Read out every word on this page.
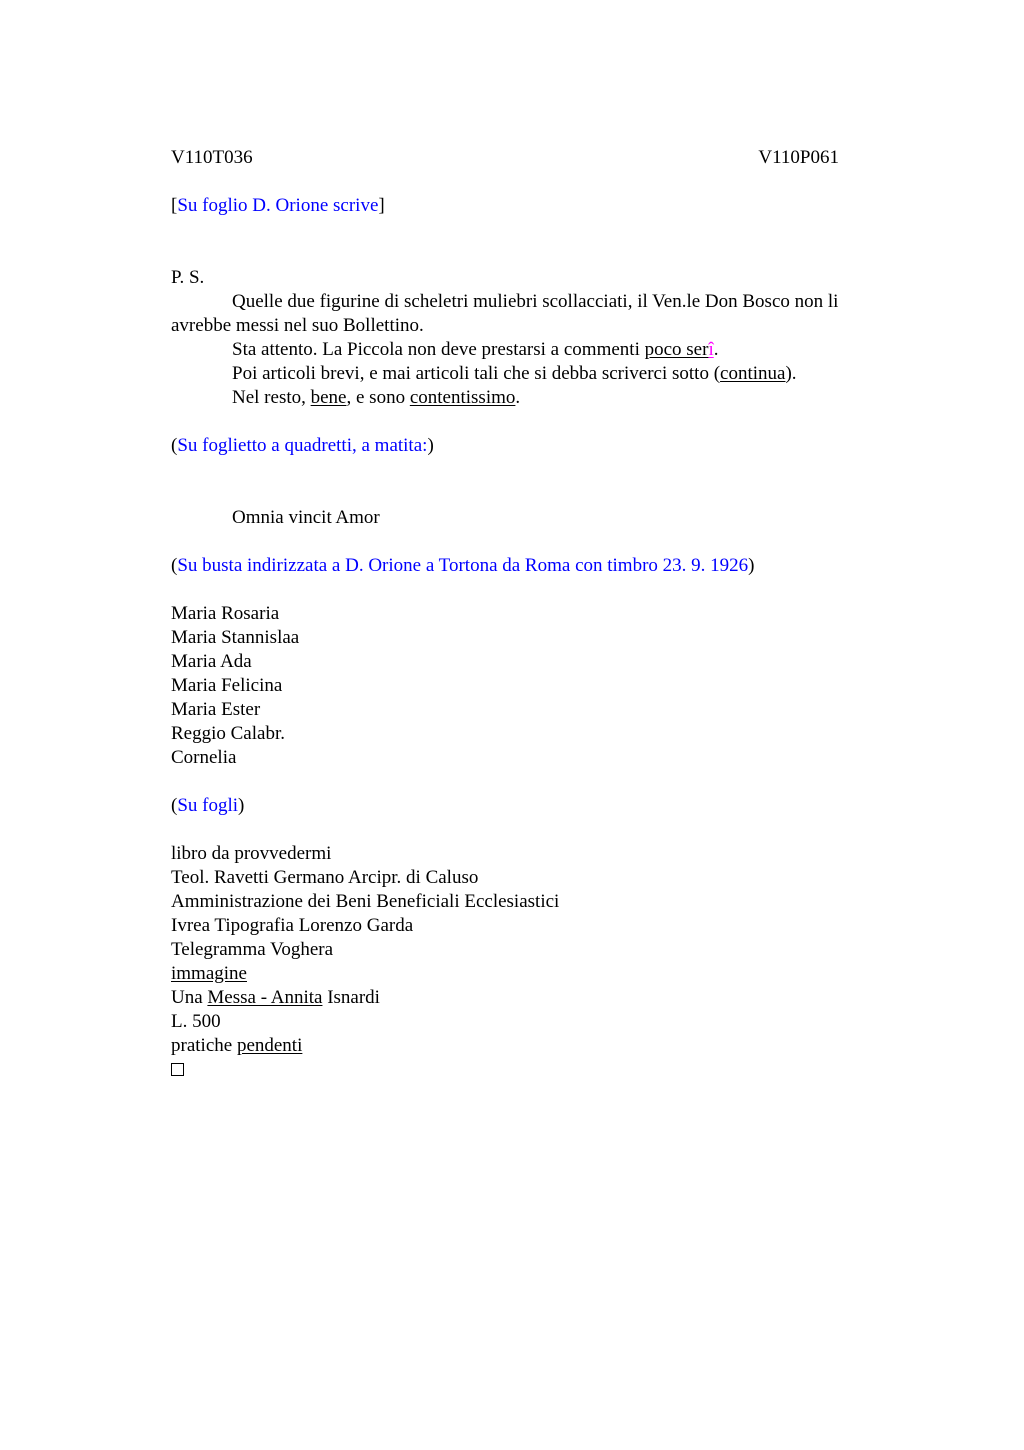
V110T036	V110P061

[Su foglio D. Orione scrive]

P. S.

Quelle due figurine di scheletri muliebri scollacciati, il Ven.le Don Bosco non li avrebbe messi nel suo Bollettino.

Sta attento. La Piccola non deve prestarsi a commenti poco serî.

Poi articoli brevi, e mai articoli tali che si debba scriverci sotto (continua).

Nel resto, bene, e sono contentissimo.

(Su foglietto a quadretti, a matita:)

Omnia vincit Amor

(Su busta indirizzata a D. Orione a Tortona da Roma con timbro 23. 9. 1926)

Maria Rosaria

Maria Stannislaa

Maria Ada

Maria Felicina

Maria Ester

Reggio Calabr.

Cornelia

(Su fogli)

libro da provvedermi

Teol. Ravetti Germano Arcipr. di Caluso

Amministrazione dei Beni Beneficiali Ecclesiastici

Ivrea Tipografia Lorenzo Garda

Telegramma Voghera

immagine

Una Messa - Annita Isnardi

L. 500

pratiche pendenti
